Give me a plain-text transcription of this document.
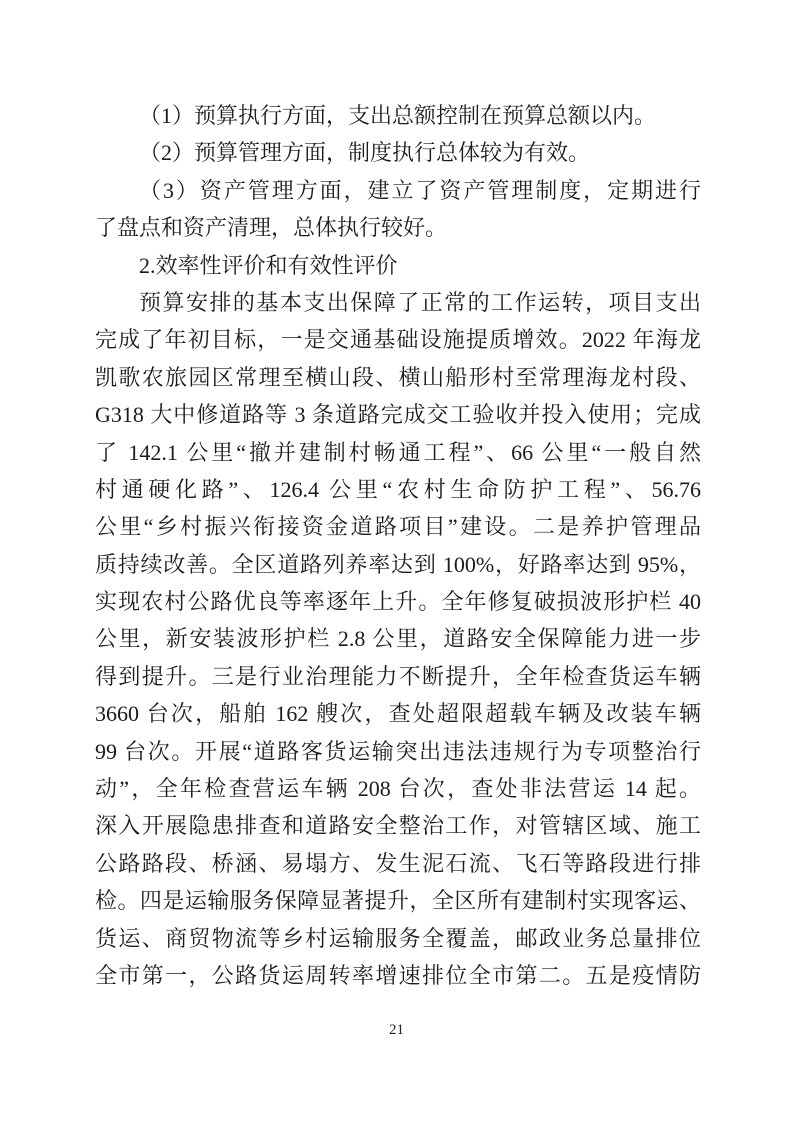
（1）预算执行方面，支出总额控制在预算总额以内。
（2）预算管理方面，制度执行总体较为有效。
（3）资产管理方面，建立了资产管理制度，定期进行
了盘点和资产清理，总体执行较好。
2.效率性评价和有效性评价
预算安排的基本支出保障了正常的工作运转，项目支出
完成了年初目标，一是交通基础设施提质增效。2022 年海龙
凯歌农旅园区常理至横山段、横山船形村至常理海龙村段、
G318 大中修道路等 3 条道路完成交工验收并投入使用；完成
了 142.1 公里“撤并建制村畅通工程”、66 公里“一般自然
村通硬化路”、126.4 公里“农村生命防护工程”、56.76
公里“乡村振兴衔接资金道路项目”建设。二是养护管理品
质持续改善。全区道路列养率达到 100%，好路率达到 95%，
实现农村公路优良等率逐年上升。全年修复破损波形护栏 40
公里，新安装波形护栏 2.8 公里，道路安全保障能力进一步
得到提升。三是行业治理能力不断提升，全年检查货运车辆
3660 台次，船舶 162 艘次，查处超限超载车辆及改装车辆
99 台次。开展“道路客货运输突出违法违规行为专项整治行
动”，全年检查营运车辆 208 台次，查处非法营运 14 起。
深入开展隐患排查和道路安全整治工作，对管辖区域、施工
公路路段、桥涵、易塌方、发生泥石流、飞石等路段进行排
检。四是运输服务保障显著提升，全区所有建制村实现客运、
货运、商贸物流等乡村运输服务全覆盖，邮政业务总量排位
全市第一，公路货运周转率增速排位全市第二。五是疫情防
21
